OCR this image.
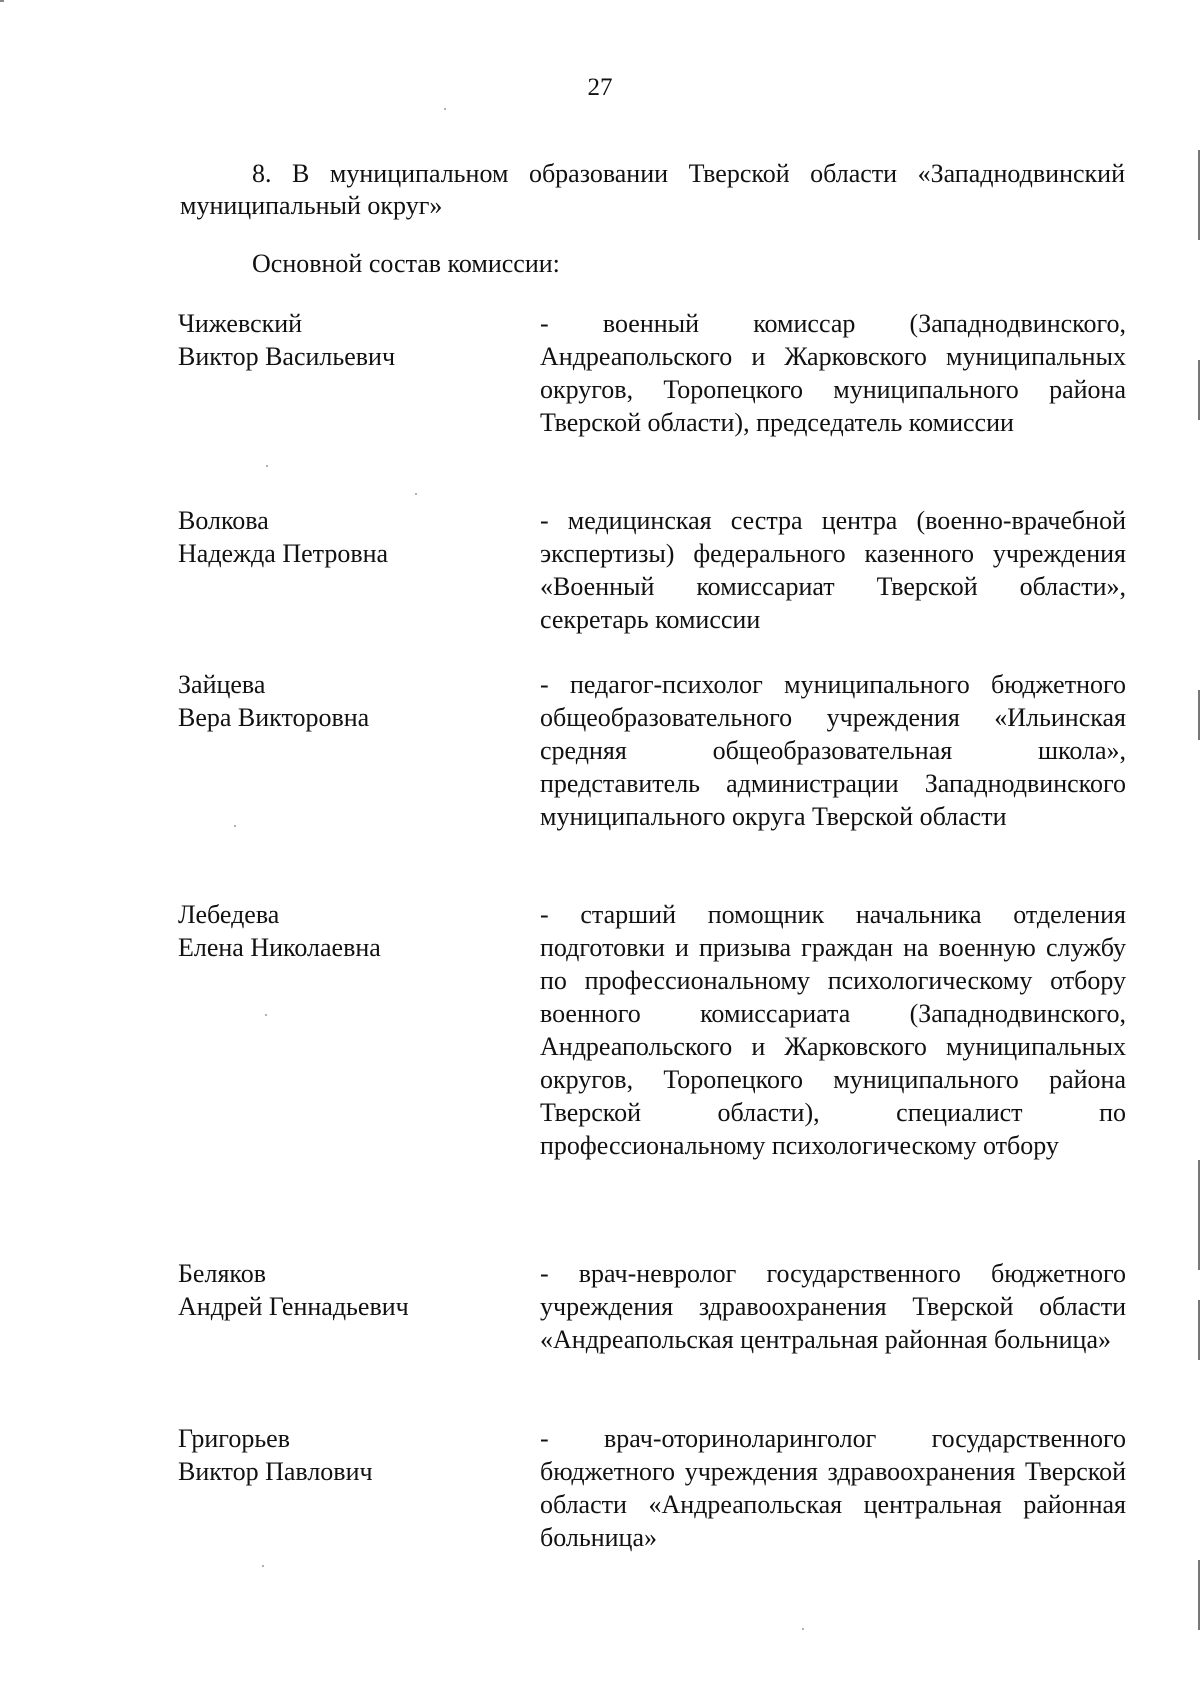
27
8. В муниципальном образовании Тверской области «Западнодвинский муниципальный округ»
Основной состав комиссии:
Чижевский
Виктор Васильевич
- военный комиссар (Западнодвинского, Андреапольского и Жарковского муниципальных округов, Торопецкого муниципального района Тверской области), председатель комиссии
Волкова
Надежда Петровна
- медицинская сестра центра (военно-врачебной экспертизы) федерального казенного учреждения «Военный комиссариат Тверской области», секретарь комиссии
Зайцева
Вера Викторовна
- педагог-психолог муниципального бюджетного общеобразовательного учреждения «Ильинская средняя общеобразовательная школа», представитель администрации Западнодвинского муниципального округа Тверской области
Лебедева
Елена Николаевна
- старший помощник начальника отделения подготовки и призыва граждан на военную службу по профессиональному психологическому отбору военного комиссариата (Западнодвинского, Андреапольского и Жарковского муниципальных округов, Торопецкого муниципального района Тверской области), специалист по профессиональному психологическому отбору
Беляков
Андрей Геннадьевич
- врач-невролог государственного бюджетного учреждения здравоохранения Тверской области «Андреапольская центральная районная больница»
Григорьев
Виктор Павлович
- врач-оториноларинголог государственного бюджетного учреждения здравоохранения Тверской области «Андреапольская центральная районная больница»
